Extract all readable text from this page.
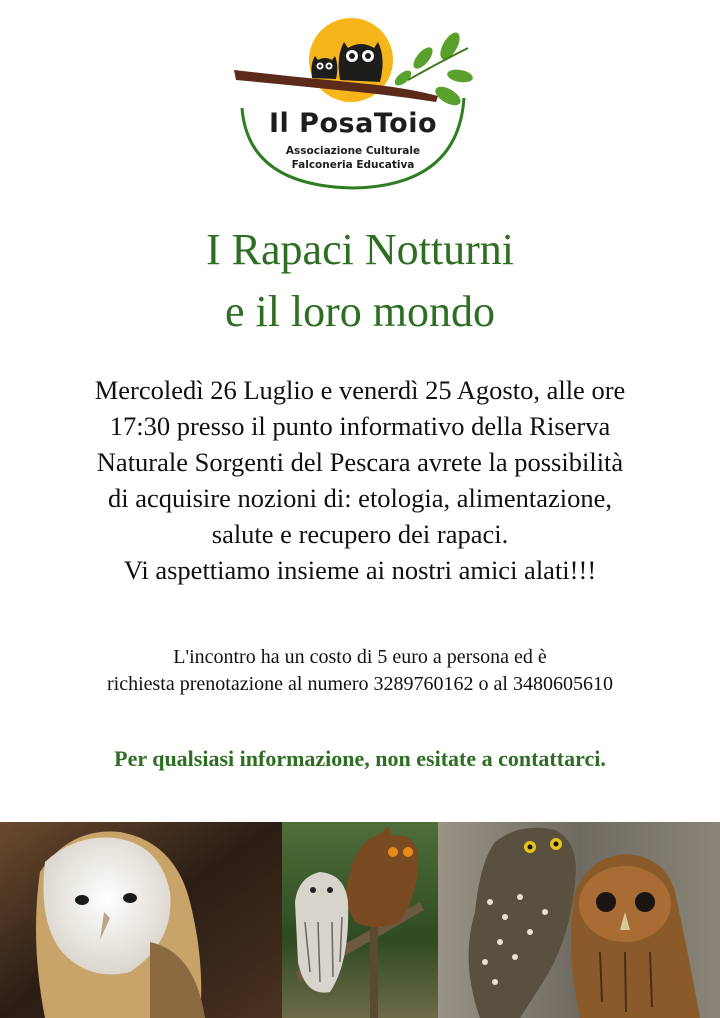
Il PosaToio
Associazione Culturale
Falconeria Educativa
I Rapaci Notturni
e il loro mondo
Mercoledì 26 Luglio e venerdì 25 Agosto, alle ore
17:30 presso il punto informativo della Riserva
Naturale Sorgenti del Pescara avrete la possibilità
di acquisire nozioni di: etologia, alimentazione,
salute e recupero dei rapaci.
Vi aspettiamo insieme ai nostri amici alati!!!
L'incontro ha un costo di 5 euro a persona ed è
richiesta prenotazione al numero 3289760162 o al 3480605610
Per qualsiasi informazione, non esitate a contattarci.
